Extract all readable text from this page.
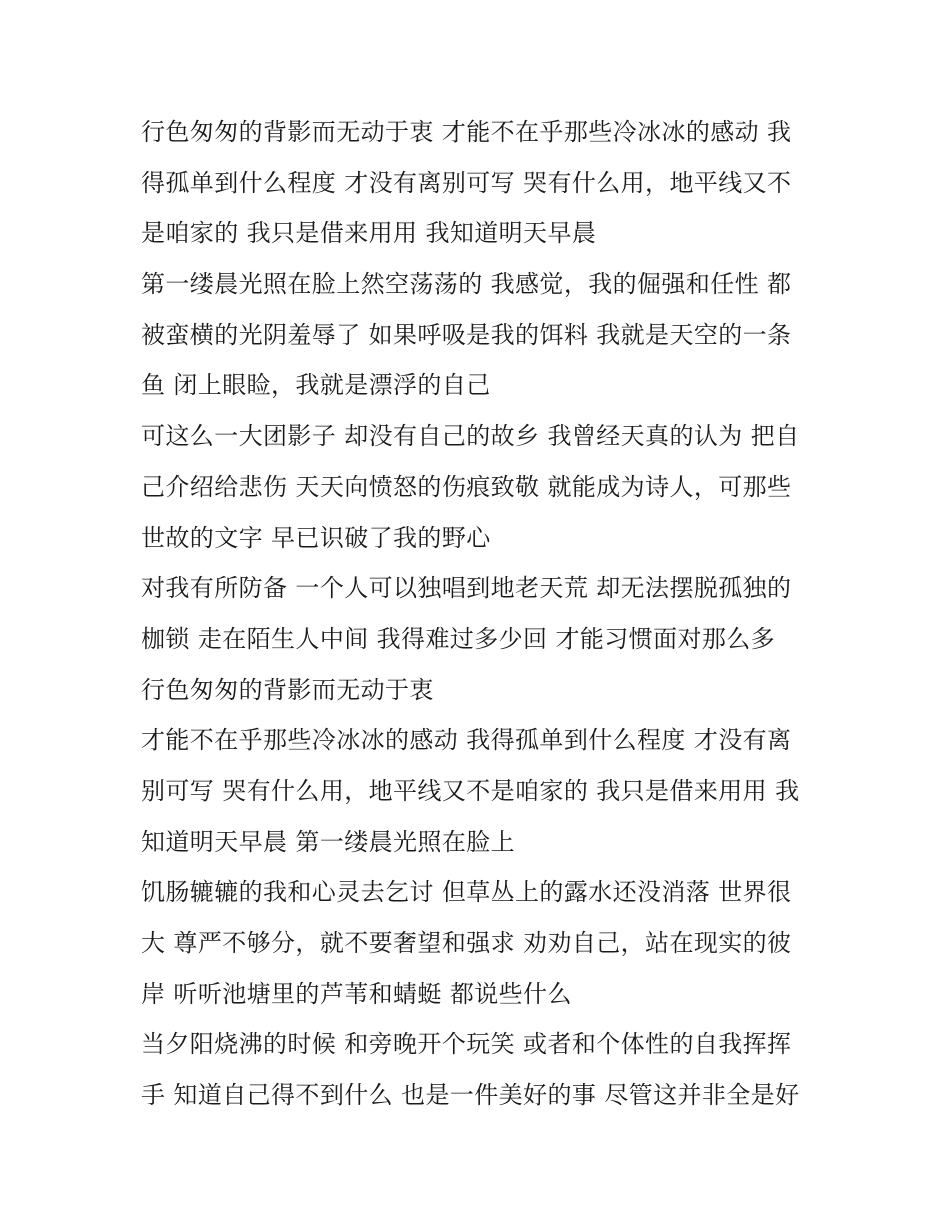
行色匆匆的背影而无动于衷 才能不在乎那些冷冰冰的感动 我
得孤单到什么程度 才没有离别可写 哭有什么用，地平线又不
是咱家的 我只是借来用用 我知道明天早晨
第一缕晨光照在脸上然空荡荡的 我感觉，我的倔强和任性 都
被蛮横的光阴羞辱了 如果呼吸是我的饵料 我就是天空的一条
鱼 闭上眼睑，我就是漂浮的自己
可这么一大团影子 却没有自己的故乡 我曾经天真的认为 把自
己介绍给悲伤 天天向愤怒的伤痕致敬 就能成为诗人，可那些
世故的文字 早已识破了我的野心
对我有所防备 一个人可以独唱到地老天荒 却无法摆脱孤独的
枷锁 走在陌生人中间 我得难过多少回 才能习惯面对那么多
行色匆匆的背影而无动于衷
才能不在乎那些冷冰冰的感动 我得孤单到什么程度 才没有离
别可写 哭有什么用，地平线又不是咱家的 我只是借来用用 我
知道明天早晨 第一缕晨光照在脸上
饥肠辘辘的我和心灵去乞讨 但草丛上的露水还没消落 世界很
大 尊严不够分，就不要奢望和强求 劝劝自己，站在现实的彼
岸 听听池塘里的芦苇和蜻蜓 都说些什么
当夕阳烧沸的时候 和旁晚开个玩笑 或者和个体性的自我挥挥
手 知道自己得不到什么 也是一件美好的事 尽管这并非全是好
